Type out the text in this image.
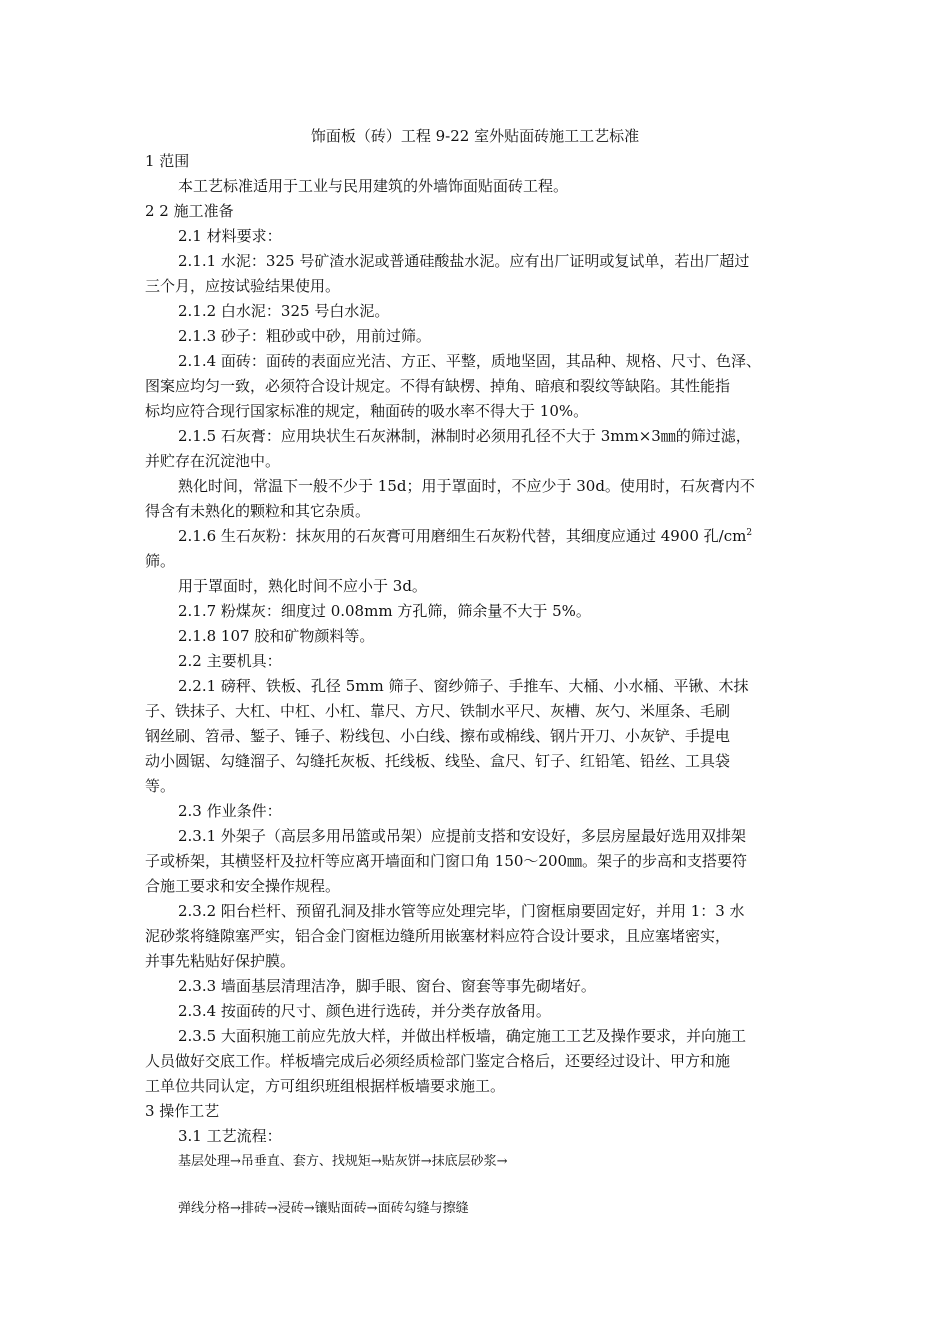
饰面板（砖）工程 9-22 室外贴面砖施工工艺标准
1 范围
本工艺标准适用于工业与民用建筑的外墙饰面贴面砖工程。
2 2 施工准备
2.1 材料要求：
2.1.1 水泥：325 号矿渣水泥或普通硅酸盐水泥。应有出厂证明或复试单，若出厂超过
三个月，应按试验结果使用。
2.1.2 白水泥：325 号白水泥。
2.1.3 砂子：粗砂或中砂，用前过筛。
2.1.4 面砖：面砖的表面应光洁、方正、平整，质地坚固，其品种、规格、尺寸、色泽、
图案应均匀一致，必须符合设计规定。不得有缺楞、掉角、暗痕和裂纹等缺陷。其性能指
标均应符合现行国家标准的规定，釉面砖的吸水率不得大于 10%。
2.1.5 石灰膏：应用块状生石灰淋制，淋制时必须用孔径不大于 3mm×3㎜的筛过滤，
并贮存在沉淀池中。
熟化时间，常温下一般不少于 15d；用于罩面时，不应少于 30d。使用时，石灰膏内不
得含有未熟化的颗粒和其它杂质。
2.1.6 生石灰粉：抹灰用的石灰膏可用磨细生石灰粉代替，其细度应通过 4900 孔$/cm^2$
筛。
用于罩面时，熟化时间不应小于 3d。
2.1.7 粉煤灰：细度过 0.08mm 方孔筛，筛余量不大于 5%。
2.1.8 107 胶和矿物颜料等。
2.2 主要机具：
2.2.1 磅秤、铁板、孔径 5mm 筛子、窗纱筛子、手推车、大桶、小水桶、平锹、木抹
子、铁抹子、大杠、中杠、小杠、靠尺、方尺、铁制水平尺、灰槽、灰勺、米厘条、毛刷
钢丝刷、笤帚、錾子、锤子、粉线包、小白线、擦布或棉线、钢片开刀、小灰铲、手提电
动小圆锯、勾缝溜子、勾缝托灰板、托线板、线坠、盒尺、钉子、红铅笔、铅丝、工具袋
等。
2.3 作业条件：
2.3.1 外架子（高层多用吊篮或吊架）应提前支搭和安设好，多层房屋最好选用双排架
子或桥架，其横竖杆及拉杆等应离开墙面和门窗口角 150～200㎜。架子的步高和支搭要符
合施工要求和安全操作规程。
2.3.2 阳台栏杆、预留孔洞及排水管等应处理完毕，门窗框扇要固定好，并用 1：3 水
泥砂浆将缝隙塞严实，铝合金门窗框边缝所用嵌塞材料应符合设计要求，且应塞堵密实，
并事先粘贴好保护膜。
2.3.3 墙面基层清理洁净，脚手眼、窗台、窗套等事先砌堵好。
2.3.4 按面砖的尺寸、颜色进行选砖，并分类存放备用。
2.3.5 大面积施工前应先放大样，并做出样板墙，确定施工工艺及操作要求，并向施工
人员做好交底工作。样板墙完成后必须经质检部门鉴定合格后，还要经过设计、甲方和施
工单位共同认定，方可组织班组根据样板墙要求施工。
3 操作工艺
3.1 工艺流程：
基层处理→吊垂直、套方、找规矩→贴灰饼→抹底层砂浆→
弹线分格→排砖→浸砖→镶贴面砖→面砖勾缝与擦缝
